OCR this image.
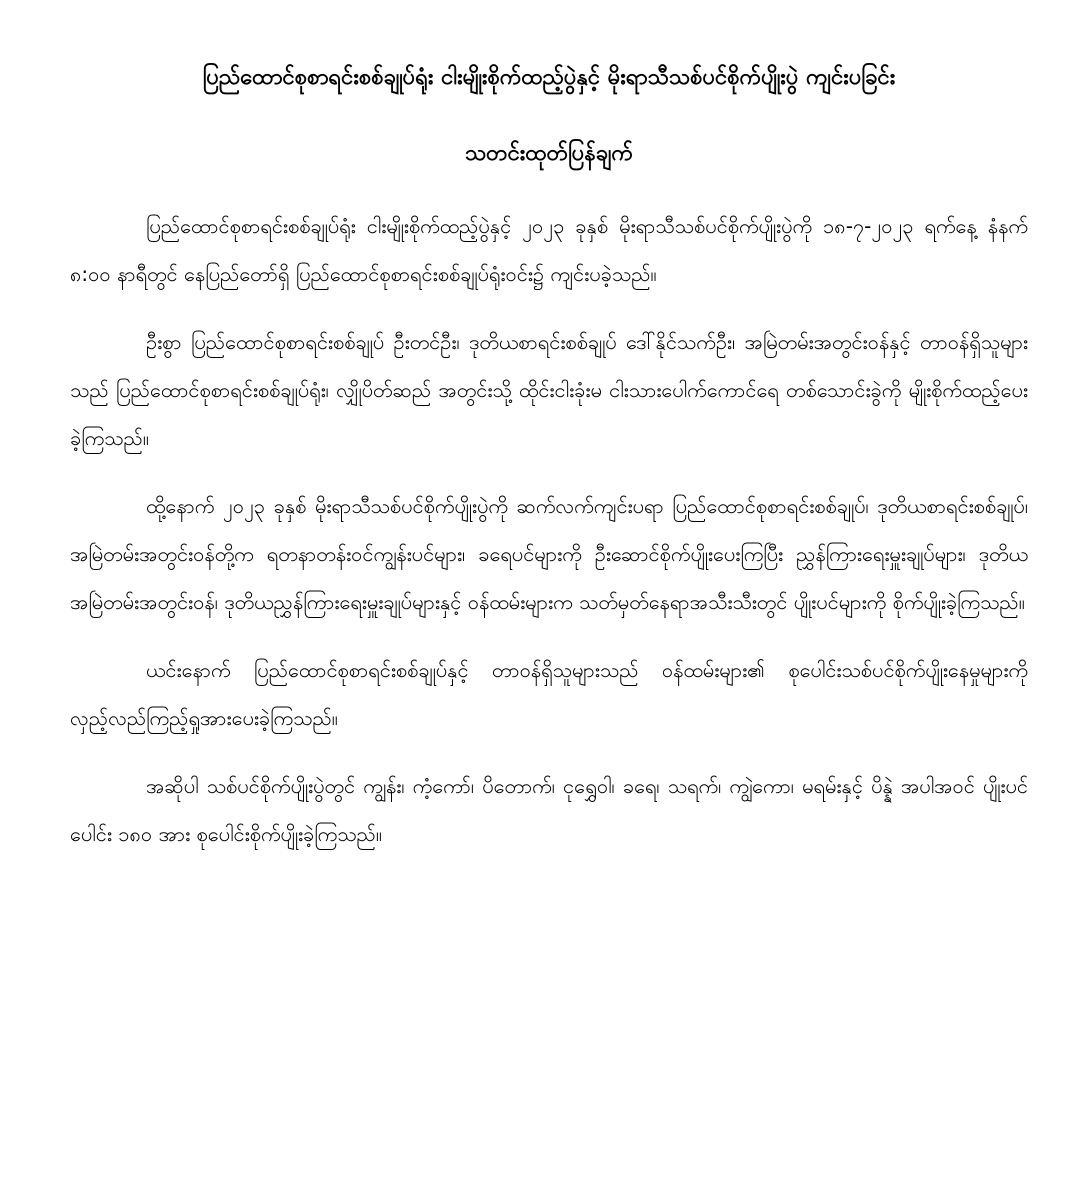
ပြည်ထောင်စုစာရင်းစစ်ချုပ်ရုံး ငါးမျိုးစိုက်ထည့်ပွဲနှင့် မိုးရာသီသစ်ပင်စိုက်ပျိုးပွဲ ကျင်းပခြင်း
သတင်းထုတ်ပြန်ချက်

ပြည်ထောင်စုစာရင်းစစ်ချုပ်ရုံး ငါးမျိုးစိုက်ထည့်ပွဲနှင့် ၂၀၂၃ ခုနှစ် မိုးရာသီသစ်ပင်စိုက်ပျိုးပွဲကို ၁၈-၇-၂၀၂၃ ရက်နေ့ နံနက် ၈:၀၀ နာရီတွင် နေပြည်တော်ရှိ ပြည်ထောင်စုစာရင်းစစ်ချုပ်ရုံးဝင်း၌ ကျင်းပခဲ့သည်။

ဦးစွာ ပြည်ထောင်စုစာရင်းစစ်ချုပ် ဦးတင်ဦး၊ ဒုတိယစာရင်းစစ်ချုပ် ဒေါ်နိုင်သက်ဦး၊ အမြဲတမ်းအတွင်းဝန်နှင့် တာဝန်ရှိသူများသည် ပြည်ထောင်စုစာရင်းစစ်ချုပ်ရုံး၊ လျှိုပိတ်ဆည် အတွင်းသို့ ထိုင်းငါးခုံးမ ငါးသားပေါက်ကောင်ရေ တစ်သောင်းခွဲကို မျိုးစိုက်ထည့်ပေးခဲ့ကြသည်။

ထို့နောက် ၂၀၂၃ ခုနှစ် မိုးရာသီသစ်ပင်စိုက်ပျိုးပွဲကို ဆက်လက်ကျင်းပရာ ပြည်ထောင်စုစာရင်းစစ်ချုပ်၊ ဒုတိယစာရင်းစစ်ချုပ်၊ အမြဲတမ်းအတွင်းဝန်တို့က ရတနာတန်းဝင်ကျွန်းပင်များ၊ ခရေပင်များကို ဦးဆောင်စိုက်ပျိုးပေးကြပြီး ညွှန်ကြားရေးမှူးချုပ်များ၊ ဒုတိယအမြဲတမ်းအတွင်းဝန်၊ ဒုတိယညွှန်ကြားရေးမှူးချုပ်များနှင့် ဝန်ထမ်းများက သတ်မှတ်နေရာအသီးသီးတွင် ပျိုးပင်များကို စိုက်ပျိုးခဲ့ကြသည်။

ယင်းနောက် ပြည်ထောင်စုစာရင်းစစ်ချုပ်နှင့် တာဝန်ရှိသူများသည် ဝန်ထမ်းများ၏ စုပေါင်းသစ်ပင်စိုက်ပျိုးနေမှုများကို လှည့်လည်ကြည့်ရှုအားပေးခဲ့ကြသည်။

အဆိုပါ သစ်ပင်စိုက်ပျိုးပွဲတွင် ကျွန်း၊ ကံ့ကော်၊ ပိတောက်၊ ငုရွှေဝါ၊ ခရေ၊ သရက်၊ ကျွဲကော၊ မရမ်းနှင့် ပိန္နဲ အပါအဝင် ပျိုးပင်ပေါင်း ၁၈၀ အား စုပေါင်းစိုက်ပျိုးခဲ့ကြသည်။
